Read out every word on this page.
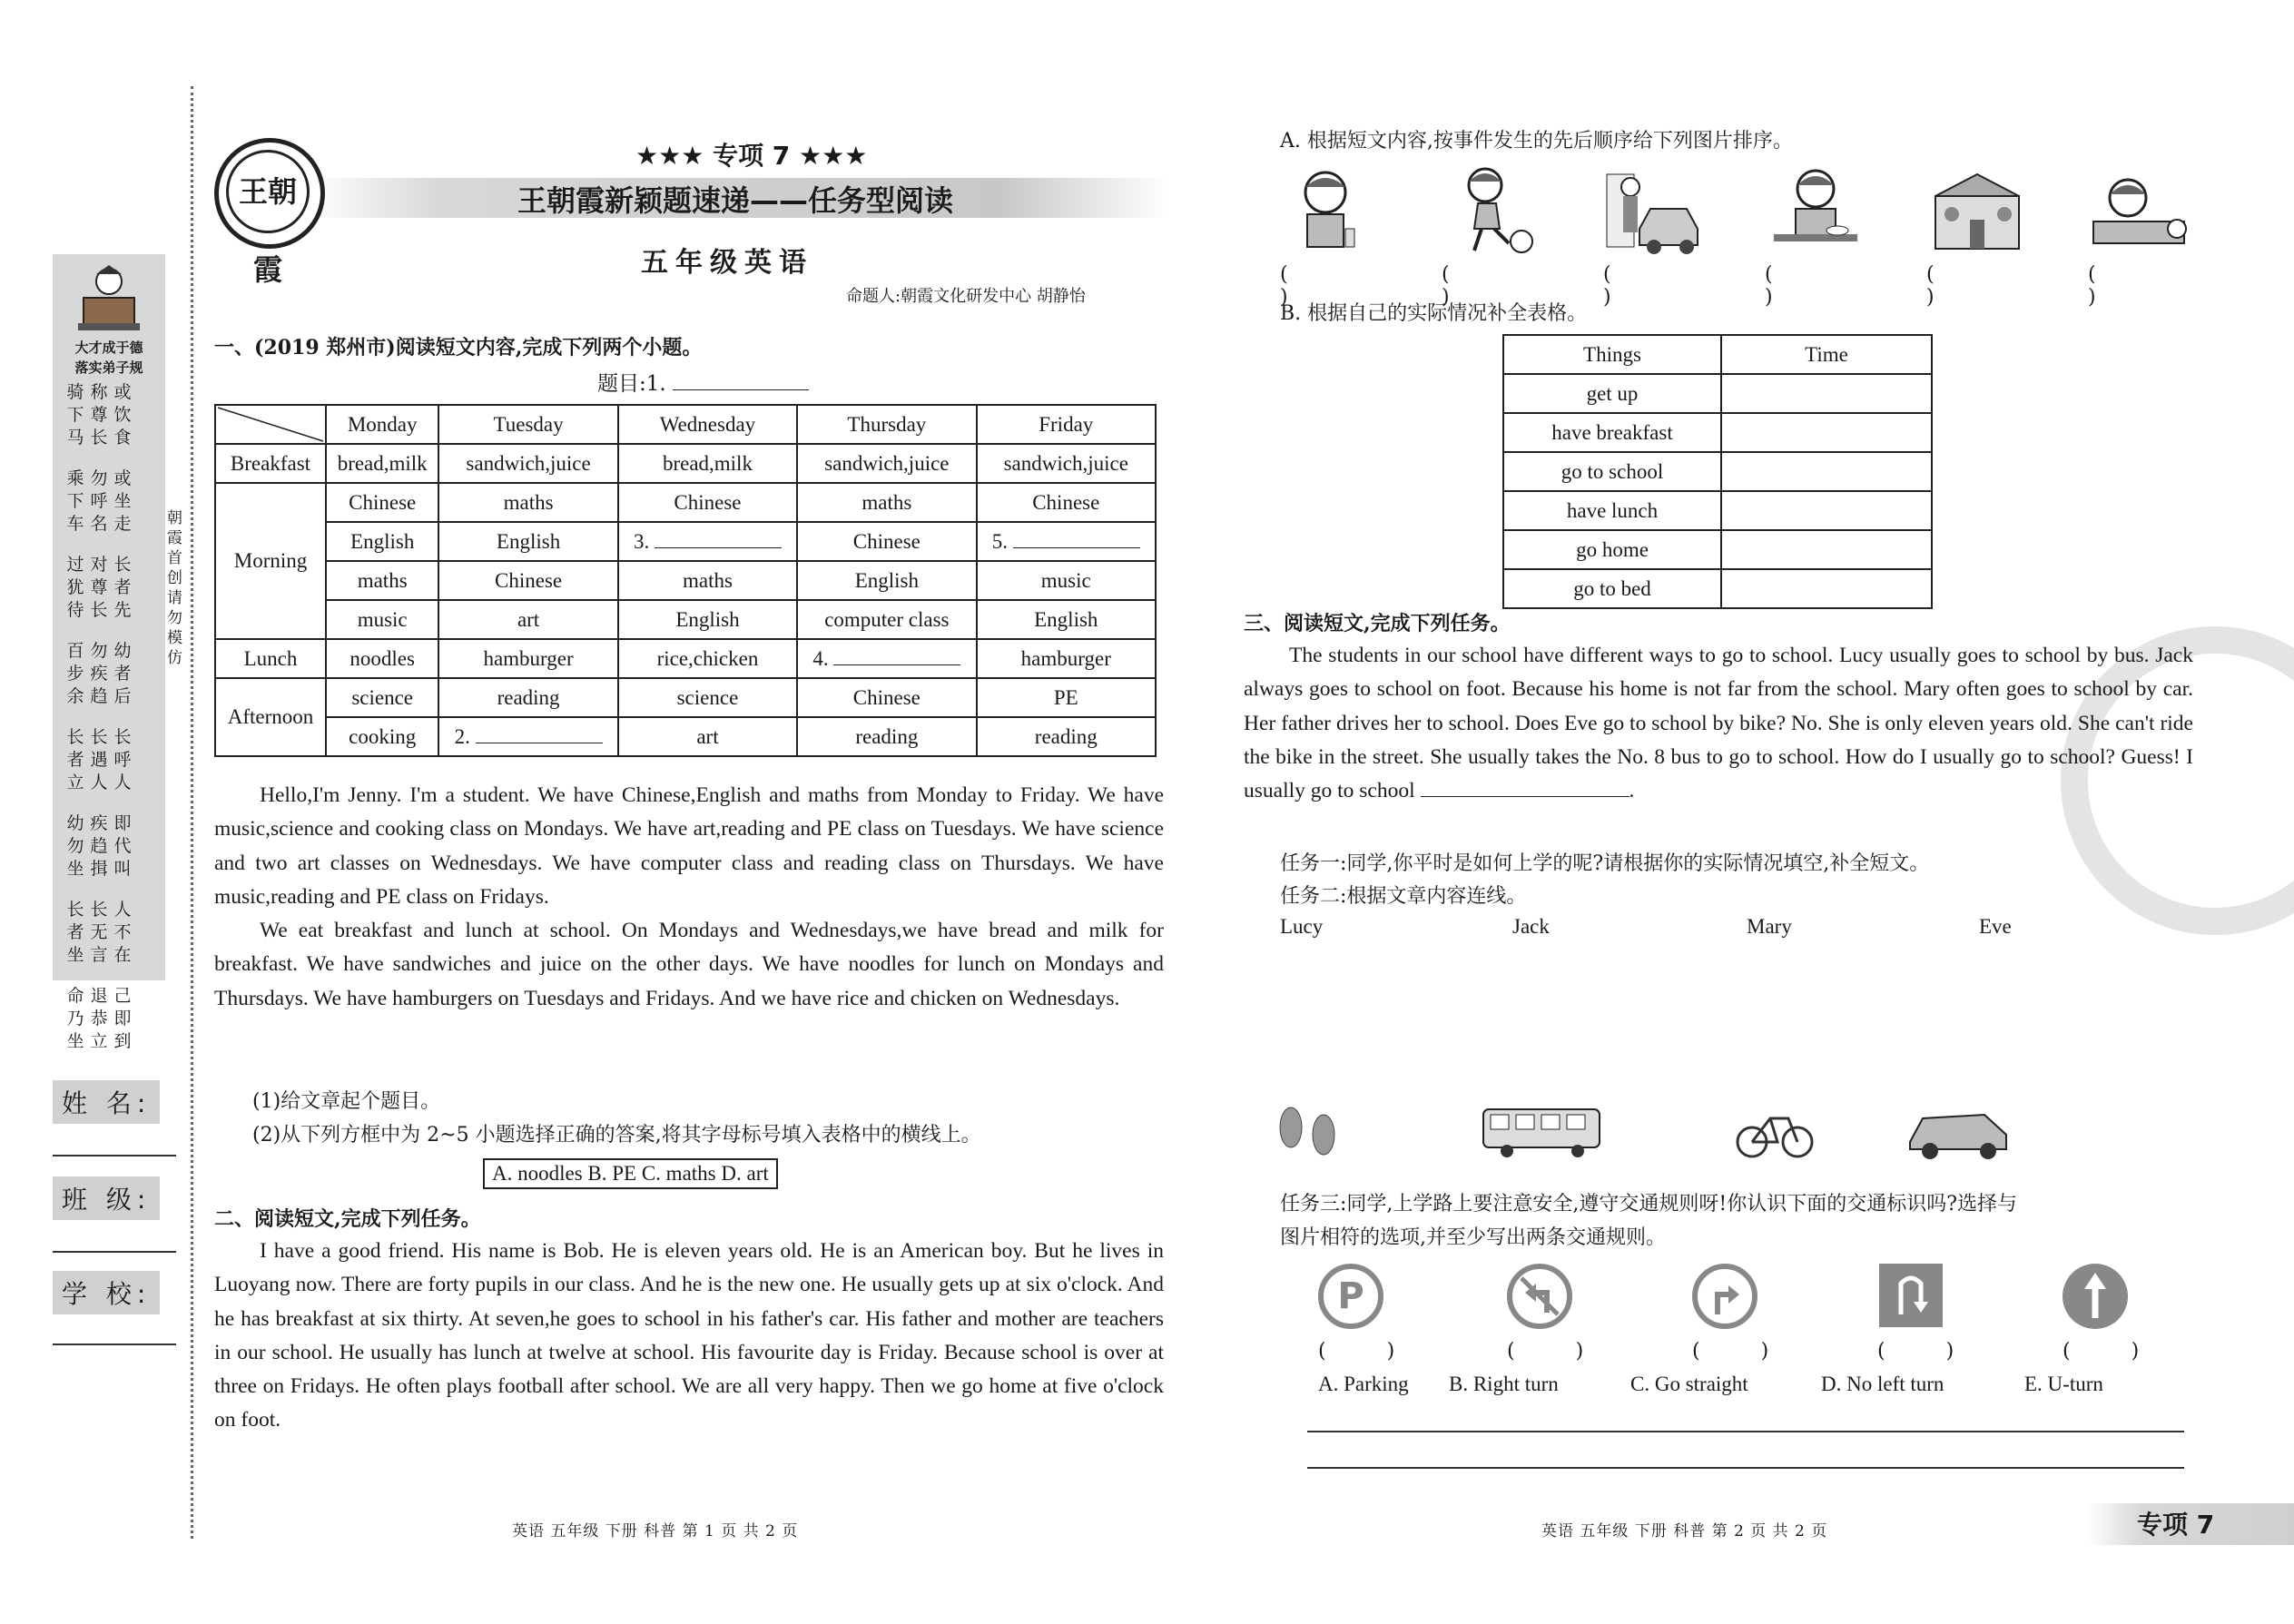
大才成于德
落实弟子规
骑
下
马
称
尊
长
或
饮
食
乘
下
车
勿
呼
名
或
坐
走
过
犹
待
对
尊
长
长
者
先
百
步
余
勿
疾
趋
幼
者
后
长
者
立
长
遇
人
长
呼
人
幼
勿
坐
疾
趋
揖
即
代
叫
长
者
坐
长
无
言
人
不
在
命
乃
坐
退
恭
立
己
即
到
朝霞首创 请勿模仿
姓 名:
班 级:
学 校:
王朝霞
★★★ 专项 7 ★★★
王朝霞新颖题速递——任务型阅读
五年级英语
命题人:朝霞文化研发中心 胡静怡
一、(2019 郑州市)阅读短文内容,完成下列两个小题。
题目:1.
	Monday	Tuesday	Wednesday	Thursday	Friday
Breakfast	bread,milk	sandwich,juice	bread,milk	sandwich,juice	sandwich,juice
Morning	Chinese	maths	Chinese	maths	Chinese
	English	English	3.	Chinese	5.
	maths	Chinese	maths	English	music
	music	art	English	computer class	English
Lunch	noodles	hamburger	rice,chicken	4.	hamburger
Afternoon	science	reading	science	Chinese	PE
	cooking	2.	art	reading	reading
Hello,I'm Jenny. I'm a student. We have Chinese,English and maths from Monday to Friday. We have music,science and cooking class on Mondays. We have art,reading and PE class on Tuesdays. We have science and two art classes on Wednesdays. We have computer class and reading class on Thursdays. We have music,reading and PE class on Fridays.
We eat breakfast and lunch at school. On Mondays and Wednesdays,we have bread and milk for breakfast. We have sandwiches and juice on the other days. We have noodles for lunch on Mondays and Thursdays. We have hamburgers on Tuesdays and Fridays. And we have rice and chicken on Wednesdays.
(1)给文章起个题目。
(2)从下列方框中为 2~5 小题选择正确的答案,将其字母标号填入表格中的横线上。
A. noodles B. PE C. maths D. art
二、阅读短文,完成下列任务。
I have a good friend. His name is Bob. He is eleven years old. He is an American boy. But he lives in Luoyang now. There are forty pupils in our class. And he is the new one. He usually gets up at six o'clock. And he has breakfast at six thirty. At seven,he goes to school in his father's car. His father and mother are teachers in our school. He usually has lunch at twelve at school. His favourite day is Friday. Because school is over at three on Fridays. He often plays football after school. We are all very happy. Then we go home at five o'clock on foot.
英语 五年级 下册 科普 第 1 页 共 2 页
A. 根据短文内容,按事件发生的先后顺序给下列图片排序。
( )
( )
( )
( )
( )
( )
B. 根据自己的实际情况补全表格。
Things	Time
get up	
have breakfast	
go to school	
have lunch	
go home	
go to bed	
三、阅读短文,完成下列任务。
The students in our school have different ways to go to school. Lucy usually goes to school by bus. Jack always goes to school on foot. Because his home is not far from the school. Mary often goes to school by car. Her father drives her to school. Does Eve go to school by bike? No. She is only eleven years old. She can't ride the bike in the street. She usually takes the No. 8 bus to go to school. How do I usually go to school? Guess! I usually go to school	.
任务一:同学,你平时是如何上学的呢?请根据你的实际情况填空,补全短文。
任务二:根据文章内容连线。
Lucy	Jack	Mary	Eve
任务三:同学,上学路上要注意安全,遵守交通规则呀!你认识下面的交通标识吗?选择与
图片相符的选项,并至少写出两条交通规则。
P
( )	( )	( )	( )	( )
A. Parking B. Right turn	C. Go straight	D. No left turn	E. U-turn
英语 五年级 下册 科普 第 2 页 共 2 页	专项 7
